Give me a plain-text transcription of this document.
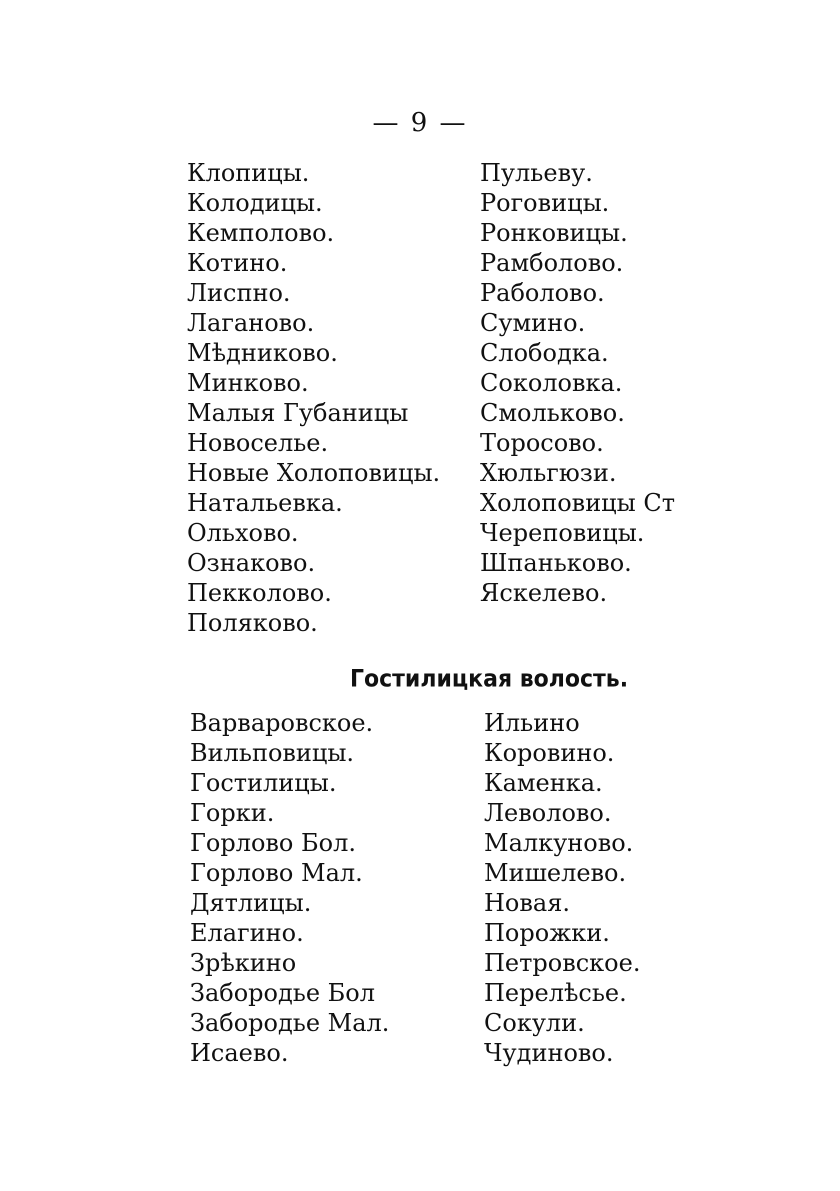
— 9 —
Клопицы.
Колодицы.
Кемполово.
Котино.
Лиспно.
Лаганово.
Мѣдниково.
Минково.
Малыя Губаницы
Новоселье.
Новые Холоповицы.
Натальевка.
Ольхово.
Ознаково.
Пекколово.
Поляково.
Пульеву.
Роговицы.
Ронковицы.
Рамболово.
Раболово.
Сумино.
Слободка.
Соколовка.
Смольково.
Торосово.
Хюльгюзи.
Холоповицы Ст
Череповицы.
Шпаньково.
Яскелево.
Гостилицкая волость.
Варваровское.
Вильповицы.
Гостилицы.
Горки.
Горлово Бол.
Горлово Мал.
Дятлицы.
Елагино.
Зрѣкино
Забородье Бол
Забородье Мал.
Исаево.
Ильино
Коровино.
Каменка.
Леволово.
Малкуново.
Мишелево.
Новая.
Порожки.
Петровское.
Перелѣсье.
Сокули.
Чудиново.
